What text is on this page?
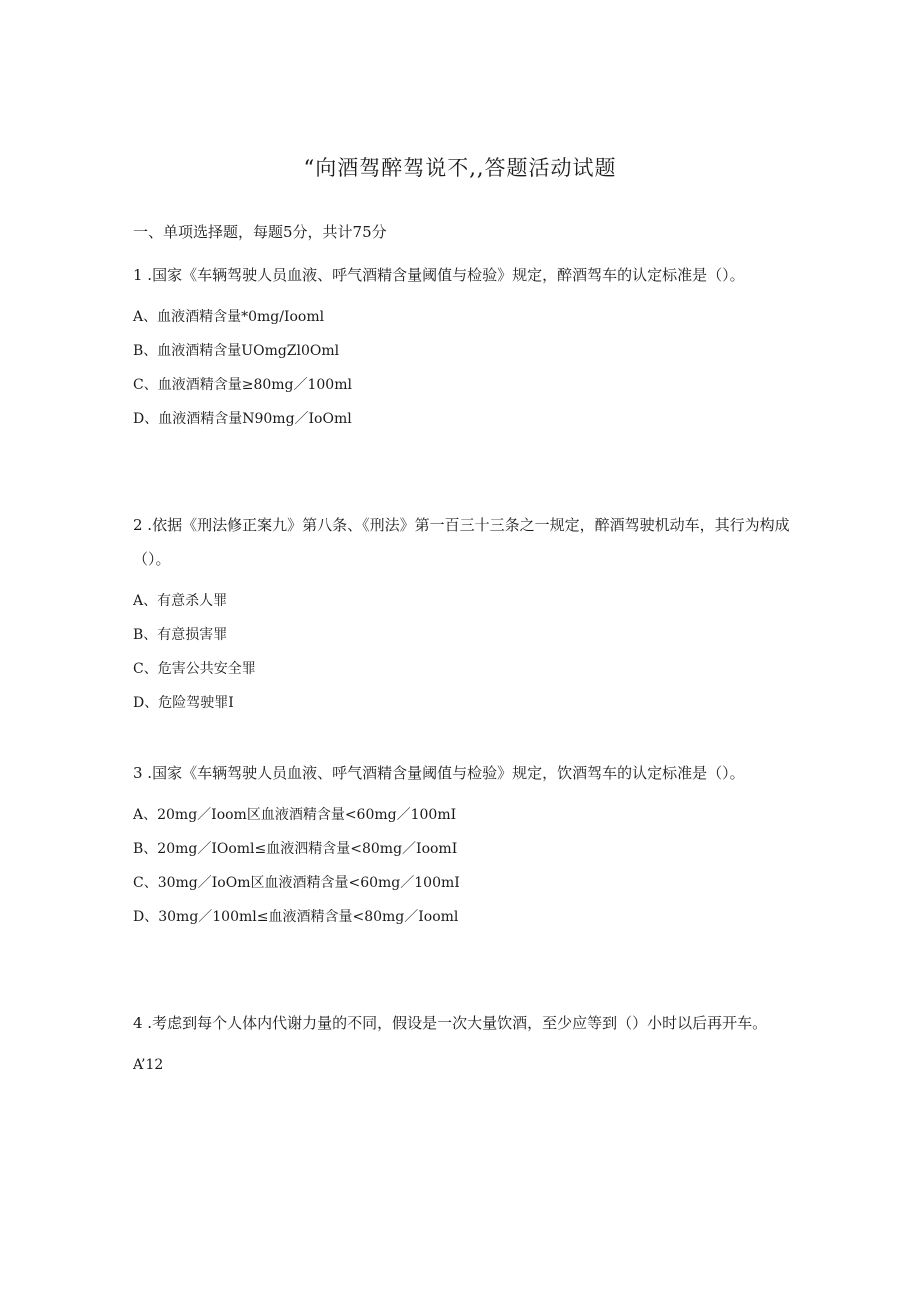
“向酒驾醉驾说不,,答题活动试题

一、单项选择题，每题5分，共计75分

1 .国家《车辆驾驶人员血液、呼气酒精含量阈值与检验》规定，醉酒驾车的认定标准是（）。

A、血液酒精含量*0mg/Iooml

B、血液酒精含量UOmgZl0Oml

C、血液酒精含量≥80mg／100ml

D、血液酒精含量N90mg／IoOml

2 .依据《刑法修正案九》第八条、《刑法》第一百三十三条之一规定，醉酒驾驶机动车，其行为构成（）。

A、有意杀人罪

B、有意损害罪

C、危害公共安全罪

D、危险驾驶罪I

3 .国家《车辆驾驶人员血液、呼气酒精含量阈值与检验》规定，饮酒驾车的认定标准是（）。

A、20mg／Ioom区血液酒精含量<60mg／100mI

B、20mg／IOoml≤血液泗精含量<80mg／IoomI

C、30mg／IoOm区血液酒精含量<60mg／100mI

D、30mg／100ml≤血液酒精含量<80mg／Iooml

4 .考虑到每个人体内代谢力量的不同，假设是一次大量饮酒，至少应等到（）小时以后再开车。

A’12
